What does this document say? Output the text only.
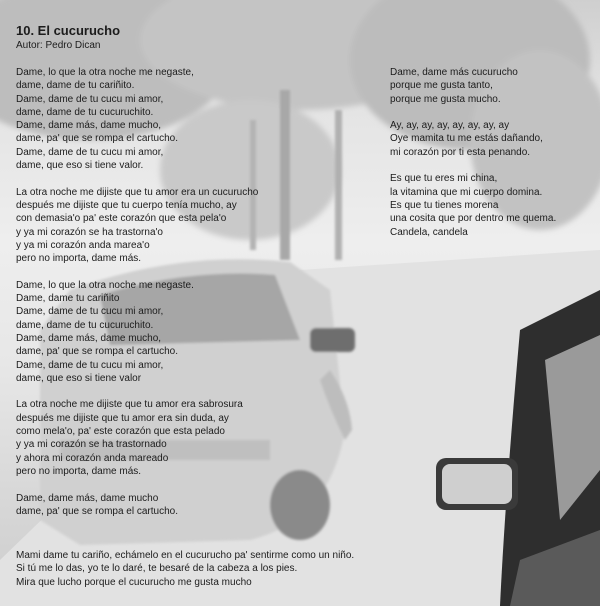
10. El cucurucho
Autor: Pedro Dican

Dame, lo que la otra noche me negaste,
dame, dame de tu cariñito.
Dame, dame de tu cucu mi amor,
dame, dame de tu cucuruchito.
Dame, dame más, dame mucho,
dame, pa' que se rompa el cartucho.
Dame, dame de tu cucu mi amor,
dame, que eso si tiene valor.

La otra noche me dijiste que tu amor era un cucurucho
después me dijiste que tu cuerpo tenía mucho, ay
con demasia'o pa' este corazón que esta pela'o
y ya mi corazón se ha trastorna'o
y ya mi corazón anda marea'o
pero no importa, dame más.

Dame, lo que la otra noche me negaste.
Dame, dame tu cariñito
Dame, dame de tu cucu mi amor,
dame, dame de tu cucuruchito.
Dame, dame más, dame mucho,
dame, pa' que se rompa el cartucho.
Dame, dame de tu cucu mi amor,
dame, que eso si tiene valor

La otra noche me dijiste que tu amor era sabrosura
después me dijiste que tu amor era sin duda, ay
como mela'o, pa' este corazón que esta pelado
y ya mi corazón se ha trastornado
y ahora mi corazón anda mareado
pero no importa, dame más.

Dame, dame más, dame mucho
dame, pa' que se rompa el cartucho.

Dame, dame más cucurucho
porque me gusta tanto,
porque me gusta mucho.

Ay, ay, ay, ay, ay, ay, ay, ay
Oye mamita tu me estás dañando,
mi corazón por ti esta penando.

Es que tu eres mi china,
la vitamina que mi cuerpo domina.
Es que tu tienes morena
una cosita que por dentro me quema.
Candela, candela

Mami dame tu cariño, echámelo en el cucurucho pa' sentirme como un niño.
Si tú me lo das, yo te lo daré, te besaré de la cabeza a los pies.
Mira que lucho porque el cucurucho me gusta mucho
